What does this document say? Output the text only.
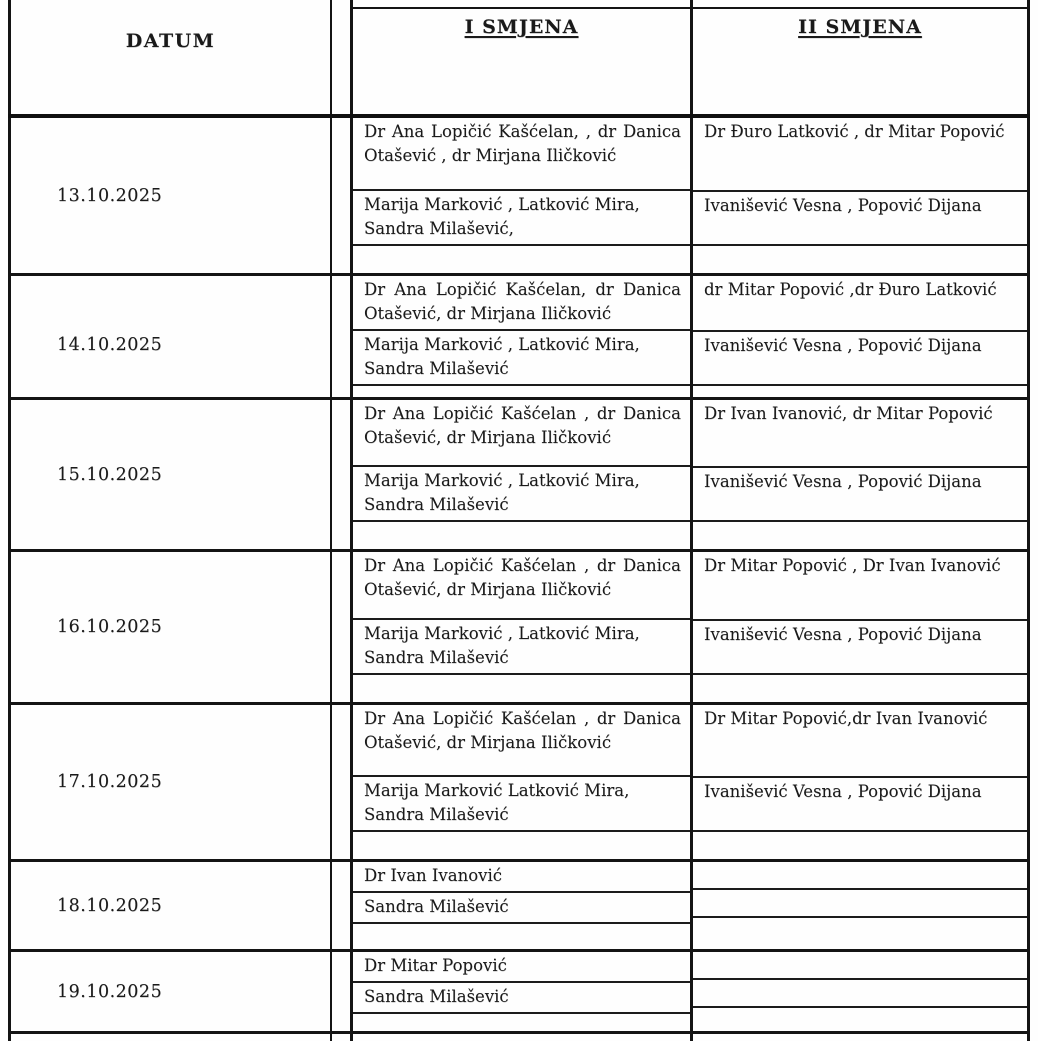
DATUM
I SMJENA	II SMJENA
13.10.2025
Dr Ana Lopičić Kašćelan, , dr Danica Otašević , dr Mirjana Iličković
Marija Marković , Latković Mira, Sandra Milašević,
Dr Đuro Latković , dr Mitar Popović
Ivanišević Vesna , Popović Dijana
14.10.2025
Dr Ana Lopičić Kašćelan, dr Danica Otašević, dr Mirjana Iličković
Marija Marković , Latković Mira, Sandra Milašević
dr Mitar Popović ,dr Đuro Latković
Ivanišević Vesna , Popović Dijana
15.10.2025
Dr Ana Lopičić Kašćelan , dr Danica Otašević, dr Mirjana Iličković
Marija Marković , Latković Mira, Sandra Milašević
Dr Ivan Ivanović, dr Mitar Popović
Ivanišević Vesna , Popović Dijana
16.10.2025
Dr Ana Lopičić Kašćelan , dr Danica Otašević, dr Mirjana Iličković
Marija Marković , Latković Mira, Sandra Milašević
Dr Mitar Popović , Dr Ivan Ivanović
Ivanišević Vesna , Popović Dijana
17.10.2025
Dr Ana Lopičić Kašćelan , dr Danica Otašević, dr Mirjana Iličković
Marija Marković Latković Mira, Sandra Milašević
Dr Mitar Popović,dr Ivan Ivanović
Ivanišević Vesna , Popović Dijana
18.10.2025
Dr Ivan Ivanović
Sandra Milašević
19.10.2025
Dr Mitar Popović
Sandra Milašević
